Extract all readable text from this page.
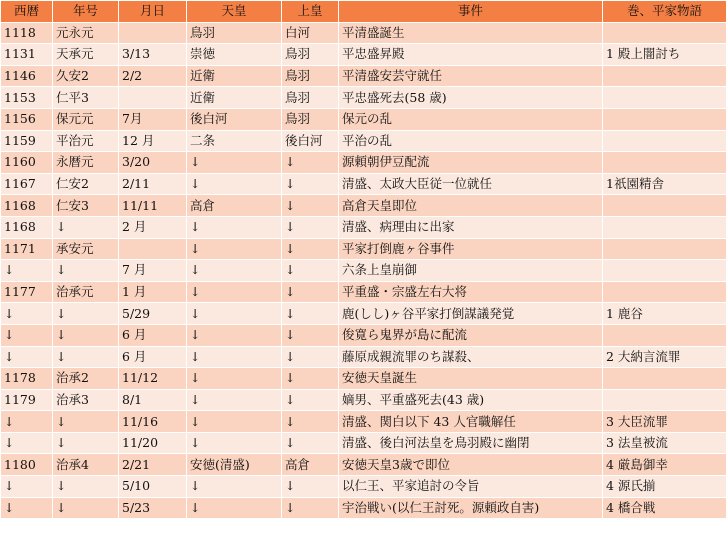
西暦	年号	月日	天皇	上皇	事件	巻、平家物語
1118	元永元		鳥羽	白河	平清盛誕生	
1131	天承元	3/13	崇徳	鳥羽	平忠盛昇殿	1 殿上闇討ち
1146	久安2	2/2	近衛	鳥羽	平清盛安芸守就任	
1153	仁平3		近衛	鳥羽	平忠盛死去(58 歳)	
1156	保元元	7月	後白河	鳥羽	保元の乱	
1159	平治元	12 月	二条	後白河	平治の乱	
1160	永暦元	3/20	↓	↓	源頼朝伊豆配流	
1167	仁安2	2/11	↓	↓	清盛、太政大臣従一位就任	1祇園精舎
1168	仁安3	11/11	高倉	↓	高倉天皇即位	
1168	↓	2 月	↓	↓	清盛、病理由に出家	
1171	承安元		↓	↓	平家打倒鹿ヶ谷事件	
↓	↓	7 月	↓	↓	六条上皇崩御	
1177	治承元	1 月	↓	↓	平重盛・宗盛左右大将	
↓	↓	5/29	↓	↓	鹿(しし)ヶ谷平家打倒謀議発覚	1 鹿谷
↓	↓	6 月	↓	↓	俊寛ら鬼界が島に配流	
↓	↓	6 月	↓	↓	藤原成親流罪のち謀殺、	2 大納言流罪
1178	治承2	11/12	↓	↓	安徳天皇誕生	
1179	治承3	8/1	↓	↓	嫡男、平重盛死去(43 歳)	
↓	↓	11/16	↓	↓	清盛、関白以下 43 人官職解任	3 大臣流罪
↓	↓	11/20	↓	↓	清盛、後白河法皇を鳥羽殿に幽閉	3 法皇被流
1180	治承4	2/21	安徳(清盛)	高倉	安徳天皇3歳で即位	4 厳島御幸
↓	↓	5/10	↓	↓	以仁王、平家追討の令旨	4 源氏揃
↓	↓	5/23	↓	↓	宇治戦い(以仁王討死。源頼政自害)	4 橋合戦
